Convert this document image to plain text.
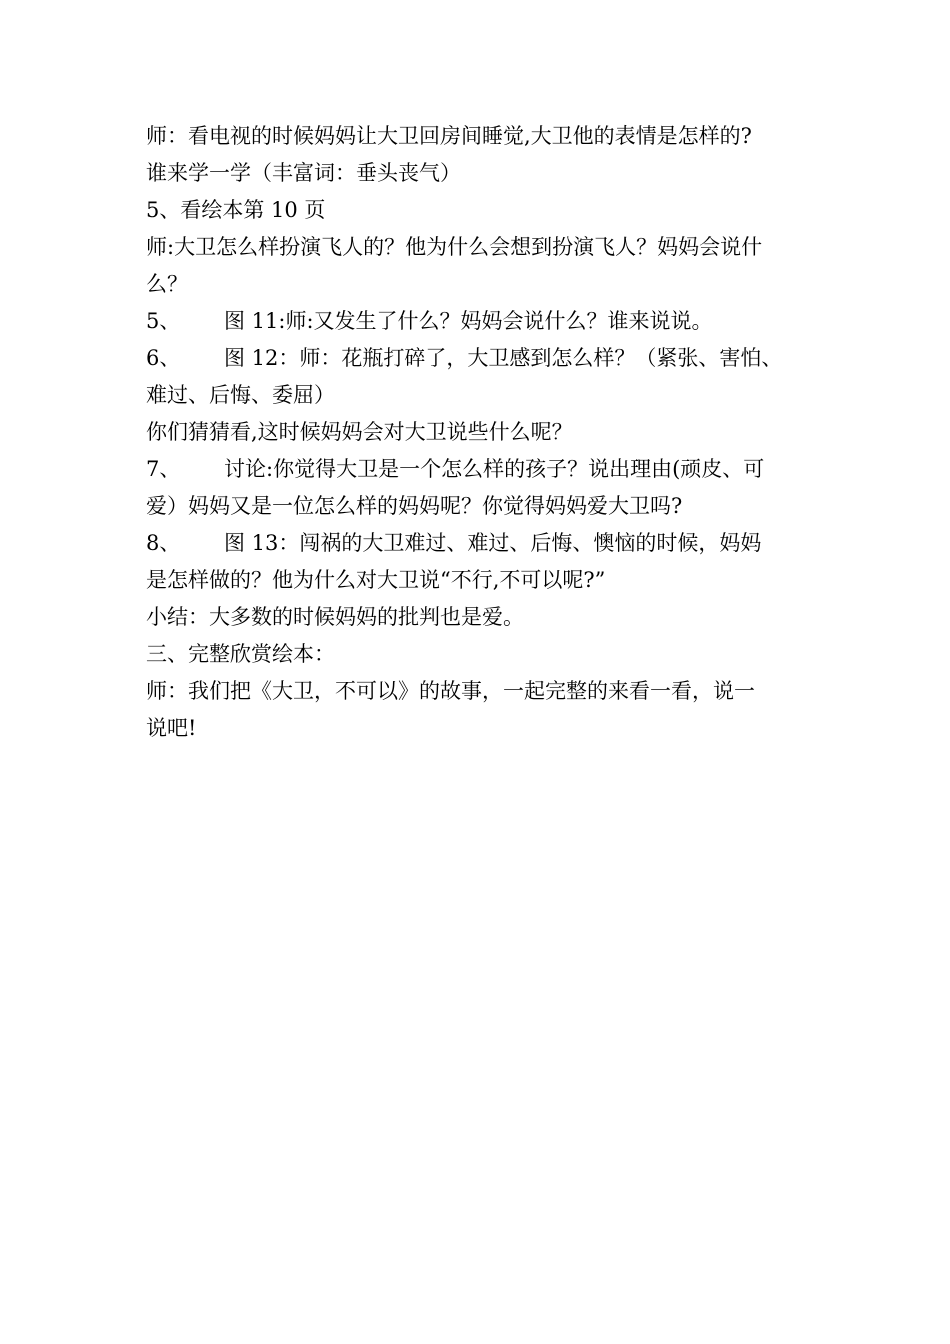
师：看电视的时候妈妈让大卫回房间睡觉,大卫他的表情是怎样的?
谁来学一学（丰富词：垂头丧气）
5、看绘本第 10 页
师:大卫怎么样扮演飞人的？他为什么会想到扮演飞人？妈妈会说什
么？
5、 图 11:师:又发生了什么？妈妈会说什么？谁来说说。
6、 图 12：师：花瓶打碎了，大卫感到怎么样？（紧张、害怕、
难过、后悔、委屈）
你们猜猜看,这时候妈妈会对大卫说些什么呢？
7、 讨论:你觉得大卫是一个怎么样的孩子？说出理由(顽皮、可
爱）妈妈又是一位怎么样的妈妈呢？你觉得妈妈爱大卫吗?
8、 图 13：闯祸的大卫难过、难过、后悔、懊恼的时候，妈妈
是怎样做的？他为什么对大卫说“不行,不可以呢?”
小结：大多数的时候妈妈的批判也是爱。
三、完整欣赏绘本：
师：我们把《大卫，不可以》的故事，一起完整的来看一看，说一
说吧!
